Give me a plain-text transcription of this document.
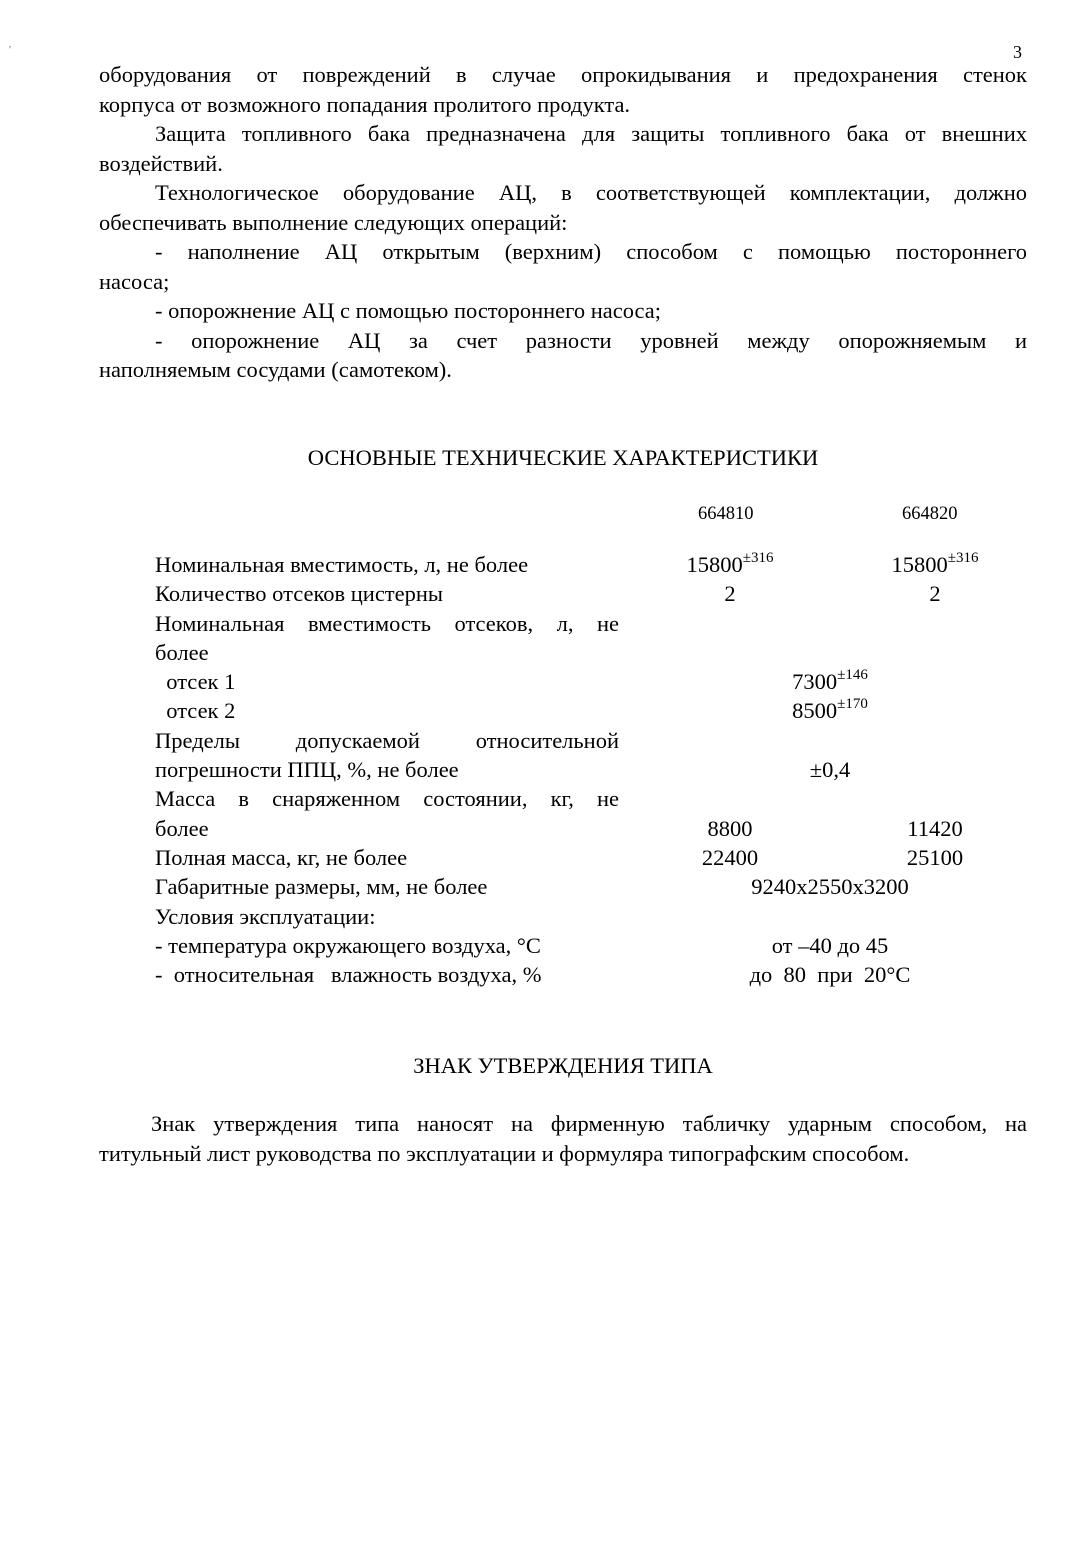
ʹ	3

оборудования от повреждений в случае опрокидывания и предохранения стенок

корпуса от возможного попадания пролитого продукта.

Защита топливного бака предназначена для защиты топливного бака от внешних

воздействий.

Технологическое оборудование АЦ, в соответствующей комплектации, должно

обеспечивать выполнение следующих операций:

- наполнение АЦ открытым (верхним) способом с помощью постороннего

насоса;

- опорожнение АЦ с помощью постороннего насоса;

- опорожнение АЦ за счет разности уровней между опорожняемым и

наполняемым сосудами (самотеком).

ОСНОВНЫЕ ТЕХНИЧЕСКИЕ ХАРАКТЕРИСТИКИ
664810	664820
Номинальная вместимость, л, не более	$15800^{\pm 316}$	$15800^{\pm 316}$
Количество отсеков цистерны	2	2
Номинальная вместимость отсеков, л, не
более
отсек 1	$7300^{\pm 146}$
отсек 2	$8500^{\pm 170}$
Пределы допускаемой относительной
погрешности ППЦ, %, не более	±0,4
Масса в снаряженном состоянии, кг, не
более	8800	11420
Полная масса, кг, не более	22400	25100
Габаритные размеры, мм, не более	9240x2550x3200
Условия эксплуатации:
- температура окружающего воздуха, °С	от –40 до 45
-  относительная   влажность воздуха, %	до  80  при  20°С
ЗНАК УТВЕРЖДЕНИЯ ТИПА

Знак утверждения типа наносят на фирменную табличку ударным способом, на

титульный лист руководства по эксплуатации и формуляра типографским способом.
